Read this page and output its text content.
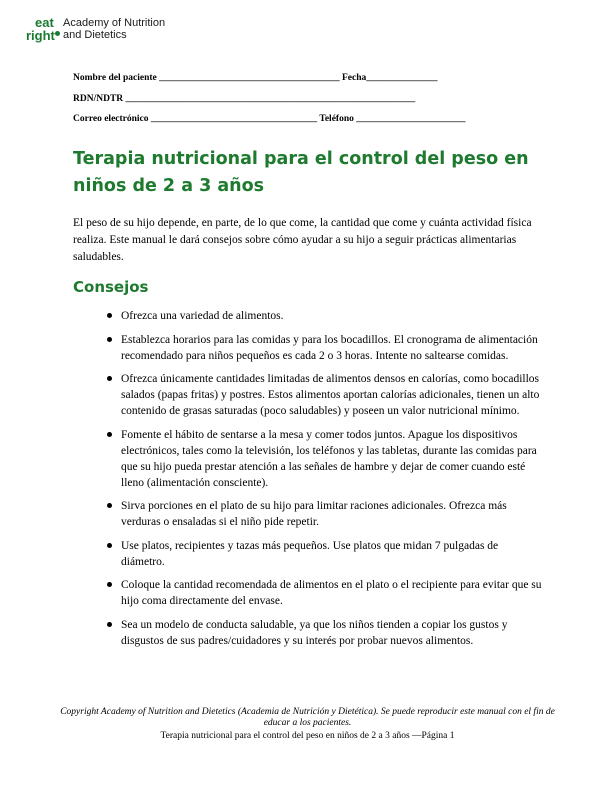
eat
right
Academy of Nutrition
and Dietetics
Nombre del paciente ______________________________________ Fecha_______________
RDN/NDTR _____________________________________________________________
Correo electrónico ___________________________________ Teléfono _______________________
Terapia nutricional para el control del peso en niños de 2 a 3 años

El peso de su hijo depende, en parte, de lo que come, la cantidad que come y cuánta actividad física realiza. Este manual le dará consejos sobre cómo ayudar a su hijo a seguir prácticas alimentarias saludables.

Consejos
Ofrezca una variedad de alimentos.
Establezca horarios para las comidas y para los bocadillos. El cronograma de alimentación recomendado para niños pequeños es cada 2 o 3 horas. Intente no saltearse comidas.
Ofrezca únicamente cantidades limitadas de alimentos densos en calorías, como bocadillos salados (papas fritas) y postres. Estos alimentos aportan calorías adicionales, tienen un alto contenido de grasas saturadas (poco saludables) y poseen un valor nutricional mínimo.
Fomente el hábito de sentarse a la mesa y comer todos juntos. Apague los dispositivos electrónicos, tales como la televisión, los teléfonos y las tabletas, durante las comidas para que su hijo pueda prestar atención a las señales de hambre y dejar de comer cuando esté lleno (alimentación consciente).
Sirva porciones en el plato de su hijo para limitar raciones adicionales. Ofrezca más verduras o ensaladas si el niño pide repetir.
Use platos, recipientes y tazas más pequeños. Use platos que midan 7 pulgadas de diámetro.
Coloque la cantidad recomendada de alimentos en el plato o el recipiente para evitar que su hijo coma directamente del envase.
Sea un modelo de conducta saludable, ya que los niños tienden a copiar los gustos y disgustos de sus padres/cuidadores y su interés por probar nuevos alimentos.
Copyright Academy of Nutrition and Dietetics (Academia de Nutrición y Dietética). Se puede reproducir este manual con el fin de educar a los pacientes.
Terapia nutricional para el control del peso en niños de 2 a 3 años —Página 1
